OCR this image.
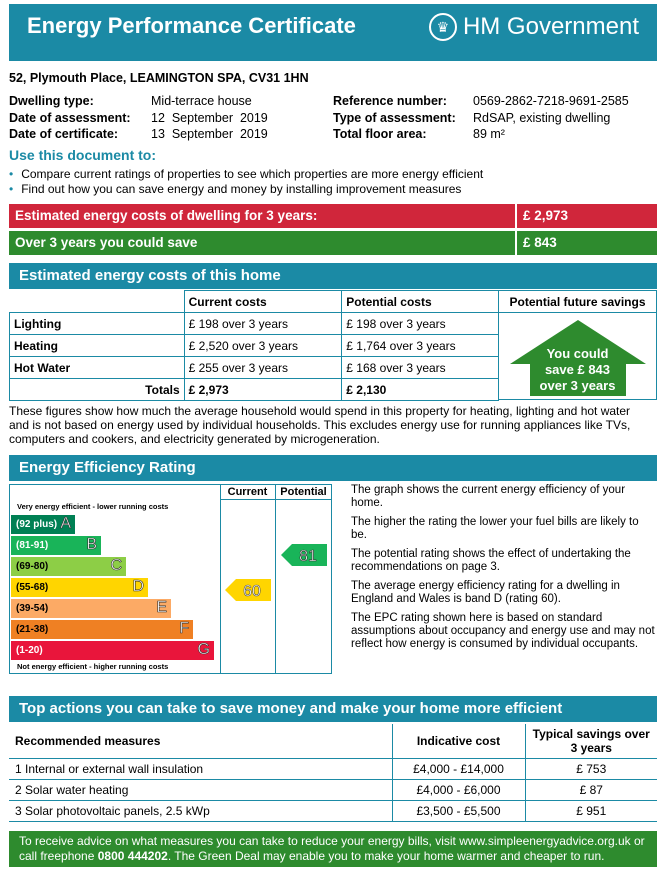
Energy Performance Certificate	♛ HM Government
52, Plymouth Place, LEAMINGTON SPA, CV31 1HN
Dwelling type:	Mid-terrace house
Date of assessment: 12  September  2019
Date of certificate:	13  September  2019
Reference number: 0569-2862-7218-9691-2585
Type of assessment: RdSAP, existing dwelling
Total floor area:	89 m²
Use this document to:
• Compare current ratings of properties to see which properties are more energy efficient
• Find out how you can save energy and money by installing improvement measures
Estimated energy costs of dwelling for 3 years:	£ 2,973
Over 3 years you could save	£ 843
Estimated energy costs of this home
	Current costs	Potential costs
Lighting	£ 198 over 3 years	£ 198 over 3 years
Heating	£ 2,520 over 3 years	£ 1,764 over 3 years
Hot Water	£ 255 over 3 years	£ 168 over 3 years
Totals	£ 2,973	£ 2,130
Potential future savings
You could
save £ 843
over 3 years
These figures show how much the average household would spend in this property for heating, lighting and hot water and is not based on energy used by individual households. This excludes energy use for running appliances like TVs, computers and cookers, and electricity generated by microgeneration.
Energy Efficiency Rating
Current	Potential
Very energy efficient - lower running costs
(92 plus) A
(81-91) B
(69-80)	C
(55-68)	D
(39-54)	E
(21-38)	F
(1-20)	G
Not energy efficient - higher running costs
60
81

The graph shows the current energy efficiency of your home.

The higher the rating the lower your fuel bills are likely to be.

The potential rating shows the effect of undertaking the recommendations on page 3.

The average energy efficiency rating for a dwelling in England and Wales is band D (rating 60).

The EPC rating shown here is based on standard assumptions about occupancy and energy use and may not reflect how energy is consumed by individual occupants.

Top actions you can take to save money and make your home more efficient
Recommended measures	Indicative cost	Typical savings over 3 years
1 Internal or external wall insulation	£4,000 - £14,000	£ 753
2 Solar water heating	£4,000 - £6,000	£ 87
3 Solar photovoltaic panels, 2.5 kWp	£3,500 - £5,500	£ 951
To receive advice on what measures you can take to reduce your energy bills, visit www.simpleenergyadvice.org.uk or call freephone 0800 444202. The Green Deal may enable you to make your home warmer and cheaper to run.
